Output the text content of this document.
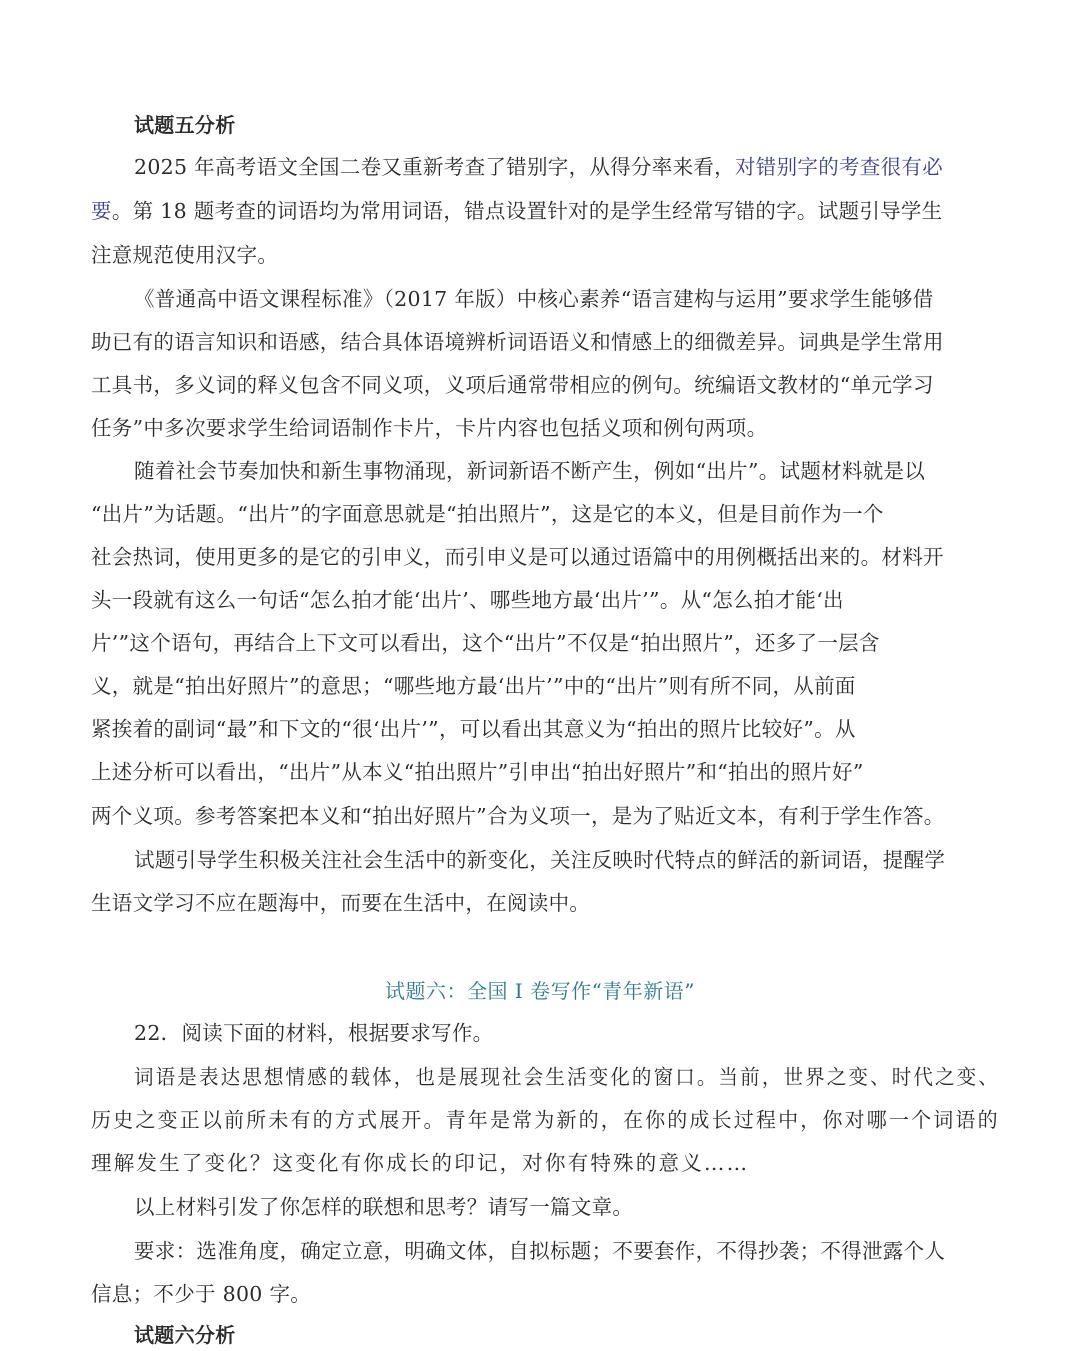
试题五分析
2025 年高考语文全国二卷又重新考查了错别字，从得分率来看，对错别字的考查很有必
要。第 18 题考查的词语均为常用词语，错点设置针对的是学生经常写错的字。试题引导学生
注意规范使用汉字。
《普通高中语文课程标准》（2017 年版）中核心素养“语言建构与运用”要求学生能够借
助已有的语言知识和语感，结合具体语境辨析词语语义和情感上的细微差异。词典是学生常用
工具书，多义词的释义包含不同义项，义项后通常带相应的例句。统编语文教材的“单元学习
任务”中多次要求学生给词语制作卡片，卡片内容也包括义项和例句两项。
随着社会节奏加快和新生事物涌现，新词新语不断产生，例如“出片”。试题材料就是以
“出片”为话题。“出片”的字面意思就是“拍出照片”，这是它的本义，但是目前作为一个
社会热词，使用更多的是它的引申义，而引申义是可以通过语篇中的用例概括出来的。材料开
头一段就有这么一句话“怎么拍才能‘出片’、哪些地方最‘出片’”。从“怎么拍才能‘出
片’”这个语句，再结合上下文可以看出，这个“出片”不仅是“拍出照片”，还多了一层含
义，就是“拍出好照片”的意思；“哪些地方最‘出片’”中的“出片”则有所不同，从前面
紧挨着的副词“最”和下文的“很‘出片’”，可以看出其意义为“拍出的照片比较好”。从
上述分析可以看出，“出片”从本义“拍出照片”引申出“拍出好照片”和“拍出的照片好”
两个义项。参考答案把本义和“拍出好照片”合为义项一，是为了贴近文本，有利于学生作答。
试题引导学生积极关注社会生活中的新变化，关注反映时代特点的鲜活的新词语，提醒学
生语文学习不应在题海中，而要在生活中，在阅读中。
试题六：全国 I 卷写作“青年新语”
22．阅读下面的材料，根据要求写作。
词语是表达思想情感的载体，也是展现社会生活变化的窗口。当前，世界之变、时代之变、
历史之变正以前所未有的方式展开。青年是常为新的，在你的成长过程中，你对哪一个词语的
理解发生了变化？这变化有你成长的印记，对你有特殊的意义……
以上材料引发了你怎样的联想和思考？请写一篇文章。
要求：选准角度，确定立意，明确文体，自拟标题；不要套作，不得抄袭；不得泄露个人
信息；不少于 800 字。
试题六分析
